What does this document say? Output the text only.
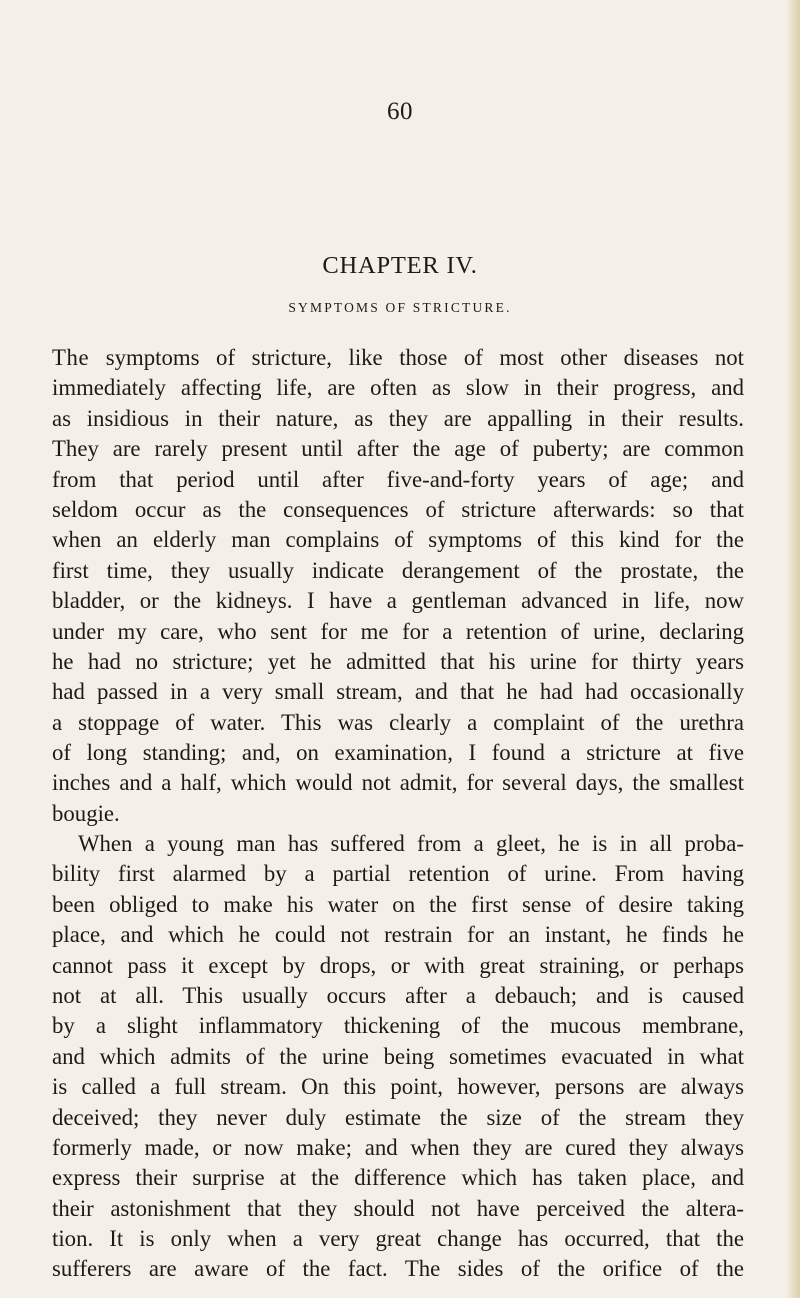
60
CHAPTER IV.
SYMPTOMS OF STRICTURE.
The symptoms of stricture, like those of most other diseases not
immediately affecting life, are often as slow in their progress, and
as insidious in their nature, as they are appalling in their results.
They are rarely present until after the age of puberty; are common
from that period until after five-and-forty years of age; and
seldom occur as the consequences of stricture afterwards: so that
when an elderly man complains of symptoms of this kind for the
first time, they usually indicate derangement of the prostate, the
bladder, or the kidneys. I have a gentleman advanced in life, now
under my care, who sent for me for a retention of urine, declaring
he had no stricture; yet he admitted that his urine for thirty years
had passed in a very small stream, and that he had had occasionally
a stoppage of water. This was clearly a complaint of the urethra
of long standing; and, on examination, I found a stricture at five
inches and a half, which would not admit, for several days, the smallest
bougie.
When a young man has suffered from a gleet, he is in all proba-
bility first alarmed by a partial retention of urine. From having
been obliged to make his water on the first sense of desire taking
place, and which he could not restrain for an instant, he finds he
cannot pass it except by drops, or with great straining, or perhaps
not at all. This usually occurs after a debauch; and is caused
by a slight inflammatory thickening of the mucous membrane,
and which admits of the urine being sometimes evacuated in what
is called a full stream. On this point, however, persons are always
deceived; they never duly estimate the size of the stream they
formerly made, or now make; and when they are cured they always
express their surprise at the difference which has taken place, and
their astonishment that they should not have perceived the altera-
tion. It is only when a very great change has occurred, that the
sufferers are aware of the fact. The sides of the orifice of the
